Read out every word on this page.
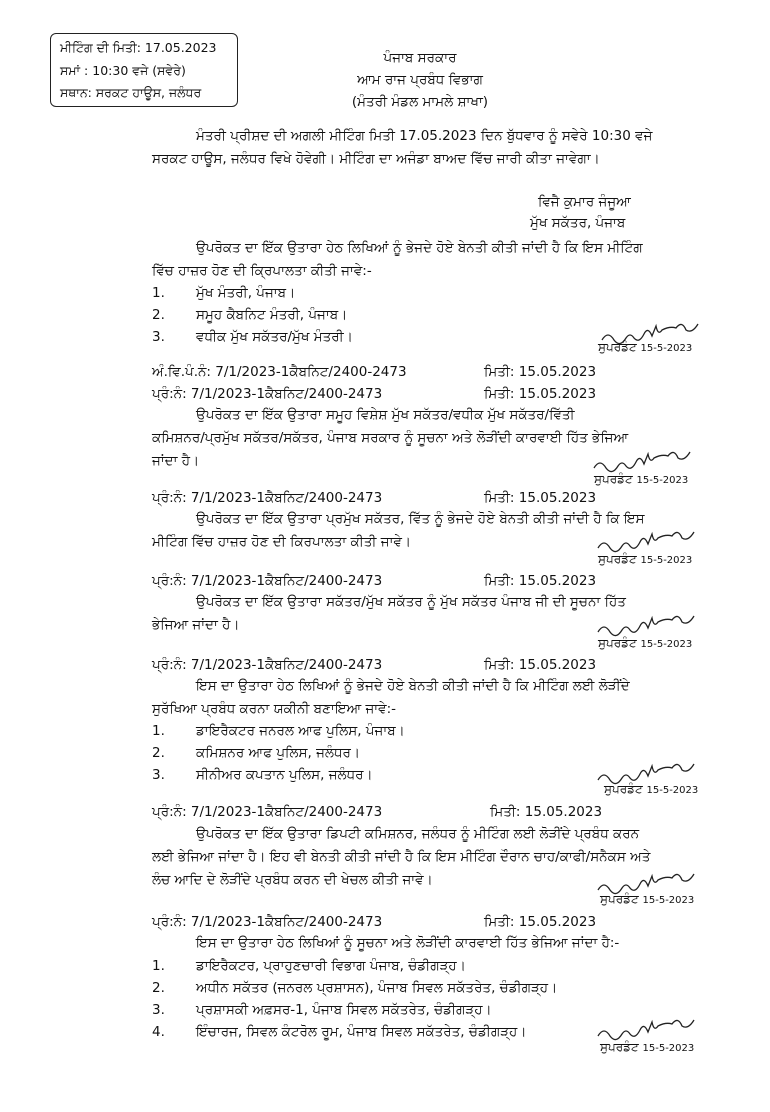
ਮੀਟਿੰਗ ਦੀ ਮਿਤੀ: 17.05.2023
ਸਮਾਂ : 10:30 ਵਜੇ (ਸਵੇਰੇ)
ਸਥਾਨ: ਸਰਕਟ ਹਾਊਸ, ਜਲੰਧਰ
ਪੰਜਾਬ ਸਰਕਾਰ
ਆਮ ਰਾਜ ਪ੍ਰਬੰਧ ਵਿਭਾਗ
(ਮੰਤਰੀ ਮੰਡਲ ਮਾਮਲੇ ਸ਼ਾਖਾ)
ਮੰਤਰੀ ਪ੍ਰੀਸ਼ਦ ਦੀ ਅਗਲੀ ਮੀਟਿੰਗ ਮਿਤੀ 17.05.2023 ਦਿਨ ਬੁੱਧਵਾਰ ਨੂੰ ਸਵੇਰੇ 10:30 ਵਜੇ
ਸਰਕਟ ਹਾਊਸ, ਜਲੰਧਰ ਵਿਖੇ ਹੋਵੇਗੀ। ਮੀਟਿੰਗ ਦਾ ਅਜੰਡਾ ਬਾਅਦ ਵਿੱਚ ਜਾਰੀ ਕੀਤਾ ਜਾਵੇਗਾ।
ਵਿਜੈ ਕੁਮਾਰ ਜੰਜੂਆ
ਮੁੱਖ ਸਕੱਤਰ, ਪੰਜਾਬ
ਉਪਰੋਕਤ ਦਾ ਇੱਕ ਉਤਾਰਾ ਹੇਠ ਲਿਖਿਆਂ ਨੂੰ ਭੇਜਦੇ ਹੋਏ ਬੇਨਤੀ ਕੀਤੀ ਜਾਂਦੀ ਹੈ ਕਿ ਇਸ ਮੀਟਿੰਗ
ਵਿੱਚ ਹਾਜ਼ਰ ਹੋਣ ਦੀ ਕ੍ਰਿਪਾਲਤਾ ਕੀਤੀ ਜਾਵੇ:-
1. ਮੁੱਖ ਮੰਤਰੀ, ਪੰਜਾਬ।
2. ਸਮੂਹ ਕੈਬਨਿਟ ਮੰਤਰੀ, ਪੰਜਾਬ।
3. ਵਧੀਕ ਮੁੱਖ ਸਕੱਤਰ/ਮੁੱਖ ਮੰਤਰੀ।
ਸੁਪਰਡੰਟ 15-5-2023
ਅੰ.ਵਿ.ਪੰ.ਨੰ: 7/1/2023-1ਕੈਬਨਿਟ/2400-2473	ਮਿਤੀ: 15.05.2023
ਪ੍ਰੰ:ਨੰ: 7/1/2023-1ਕੈਬਨਿਟ/2400-2473	ਮਿਤੀ: 15.05.2023
ਉਪਰੋਕਤ ਦਾ ਇੱਕ ਉਤਾਰਾ ਸਮੂਹ ਵਿਸ਼ੇਸ਼ ਮੁੱਖ ਸਕੱਤਰ/ਵਧੀਕ ਮੁੱਖ ਸਕੱਤਰ/ਵਿੱਤੀ
ਕਮਿਸ਼ਨਰ/ਪ੍ਰਮੁੱਖ ਸਕੱਤਰ/ਸਕੱਤਰ, ਪੰਜਾਬ ਸਰਕਾਰ ਨੂੰ ਸੂਚਨਾ ਅਤੇ ਲੋੜੀਂਦੀ ਕਾਰਵਾਈ ਹਿੱਤ ਭੇਜਿਆ
ਜਾਂਦਾ ਹੈ।
ਸੁਪਰਡੰਟ 15-5-2023
ਪ੍ਰੰ:ਨੰ: 7/1/2023-1ਕੈਬਨਿਟ/2400-2473	ਮਿਤੀ: 15.05.2023
ਉਪਰੋਕਤ ਦਾ ਇੱਕ ਉਤਾਰਾ ਪ੍ਰਮੁੱਖ ਸਕੱਤਰ, ਵਿੱਤ ਨੂੰ ਭੇਜਦੇ ਹੋਏ ਬੇਨਤੀ ਕੀਤੀ ਜਾਂਦੀ ਹੈ ਕਿ ਇਸ
ਮੀਟਿੰਗ ਵਿੱਚ ਹਾਜ਼ਰ ਹੋਣ ਦੀ ਕਿਰਪਾਲਤਾ ਕੀਤੀ ਜਾਵੇ।
ਸੁਪਰਡੰਟ 15-5-2023
ਪ੍ਰੰ:ਨੰ: 7/1/2023-1ਕੈਬਨਿਟ/2400-2473	ਮਿਤੀ: 15.05.2023
ਉਪਰੋਕਤ ਦਾ ਇੱਕ ਉਤਾਰਾ ਸਕੱਤਰ/ਮੁੱਖ ਸਕੱਤਰ ਨੂੰ ਮੁੱਖ ਸਕੱਤਰ ਪੰਜਾਬ ਜੀ ਦੀ ਸੂਚਨਾ ਹਿੱਤ
ਭੇਜਿਆ ਜਾਂਦਾ ਹੈ।
ਸੁਪਰਡੰਟ 15-5-2023
ਪ੍ਰੰ:ਨੰ: 7/1/2023-1ਕੈਬਨਿਟ/2400-2473	ਮਿਤੀ: 15.05.2023
ਇਸ ਦਾ ਉਤਾਰਾ ਹੇਠ ਲਿਖਿਆਂ ਨੂੰ ਭੇਜਦੇ ਹੋਏ ਬੇਨਤੀ ਕੀਤੀ ਜਾਂਦੀ ਹੈ ਕਿ ਮੀਟਿੰਗ ਲਈ ਲੋੜੀਂਦੇ
ਸੁਰੱਖਿਆ ਪ੍ਰਬੰਧ ਕਰਨਾ ਯਕੀਨੀ ਬਣਾਇਆ ਜਾਵੇ:-
1. ਡਾਇਰੈਕਟਰ ਜਨਰਲ ਆਫ ਪੁਲਿਸ, ਪੰਜਾਬ।
2. ਕਮਿਸ਼ਨਰ ਆਫ ਪੁਲਿਸ, ਜਲੰਧਰ।
3. ਸੀਨੀਅਰ ਕਪਤਾਨ ਪੁਲਿਸ, ਜਲੰਧਰ।
ਸੁਪਰਡੰਟ 15-5-2023
ਪ੍ਰੰ:ਨੰ: 7/1/2023-1ਕੈਬਨਿਟ/2400-2473	ਮਿਤੀ: 15.05.2023
ਉਪਰੋਕਤ ਦਾ ਇੱਕ ਉਤਾਰਾ ਡਿਪਟੀ ਕਮਿਸ਼ਨਰ, ਜਲੰਧਰ ਨੂੰ ਮੀਟਿੰਗ ਲਈ ਲੋੜੀਂਦੇ ਪ੍ਰਬੰਧ ਕਰਨ
ਲਈ ਭੇਜਿਆ ਜਾਂਦਾ ਹੈ। ਇਹ ਵੀ ਬੇਨਤੀ ਕੀਤੀ ਜਾਂਦੀ ਹੈ ਕਿ ਇਸ ਮੀਟਿੰਗ ਦੌਰਾਨ ਚਾਹ/ਕਾਫੀ/ਸਨੈਕਸ ਅਤੇ
ਲੰਚ ਆਦਿ ਦੇ ਲੋੜੀਂਦੇ ਪ੍ਰਬੰਧ ਕਰਨ ਦੀ ਖੇਚਲ ਕੀਤੀ ਜਾਵੇ।
ਸੁਪਰਡੰਟ 15-5-2023
ਪ੍ਰੰ:ਨੰ: 7/1/2023-1ਕੈਬਨਿਟ/2400-2473	ਮਿਤੀ: 15.05.2023
ਇਸ ਦਾ ਉਤਾਰਾ ਹੇਠ ਲਿਖਿਆਂ ਨੂੰ ਸੂਚਨਾ ਅਤੇ ਲੋੜੀਂਦੀ ਕਾਰਵਾਈ ਹਿੱਤ ਭੇਜਿਆ ਜਾਂਦਾ ਹੈ:-
1. ਡਾਇਰੈਕਟਰ, ਪ੍ਰਾਹੁਣਚਾਰੀ ਵਿਭਾਗ ਪੰਜਾਬ, ਚੰਡੀਗੜ੍ਹ।
2. ਅਧੀਨ ਸਕੱਤਰ (ਜਨਰਲ ਪ੍ਰਸ਼ਾਸਨ), ਪੰਜਾਬ ਸਿਵਲ ਸਕੱਤਰੇਤ, ਚੰਡੀਗੜ੍ਹ।
3. ਪ੍ਰਸ਼ਾਸਕੀ ਅਫ਼ਸਰ-1, ਪੰਜਾਬ ਸਿਵਲ ਸਕੱਤਰੇਤ, ਚੰਡੀਗੜ੍ਹ।
4. ਇੰਚਾਰਜ, ਸਿਵਲ ਕੰਟਰੋਲ ਰੂਮ, ਪੰਜਾਬ ਸਿਵਲ ਸਕੱਤਰੇਤ, ਚੰਡੀਗੜ੍ਹ।
ਸੁਪਰਡੰਟ 15-5-2023
